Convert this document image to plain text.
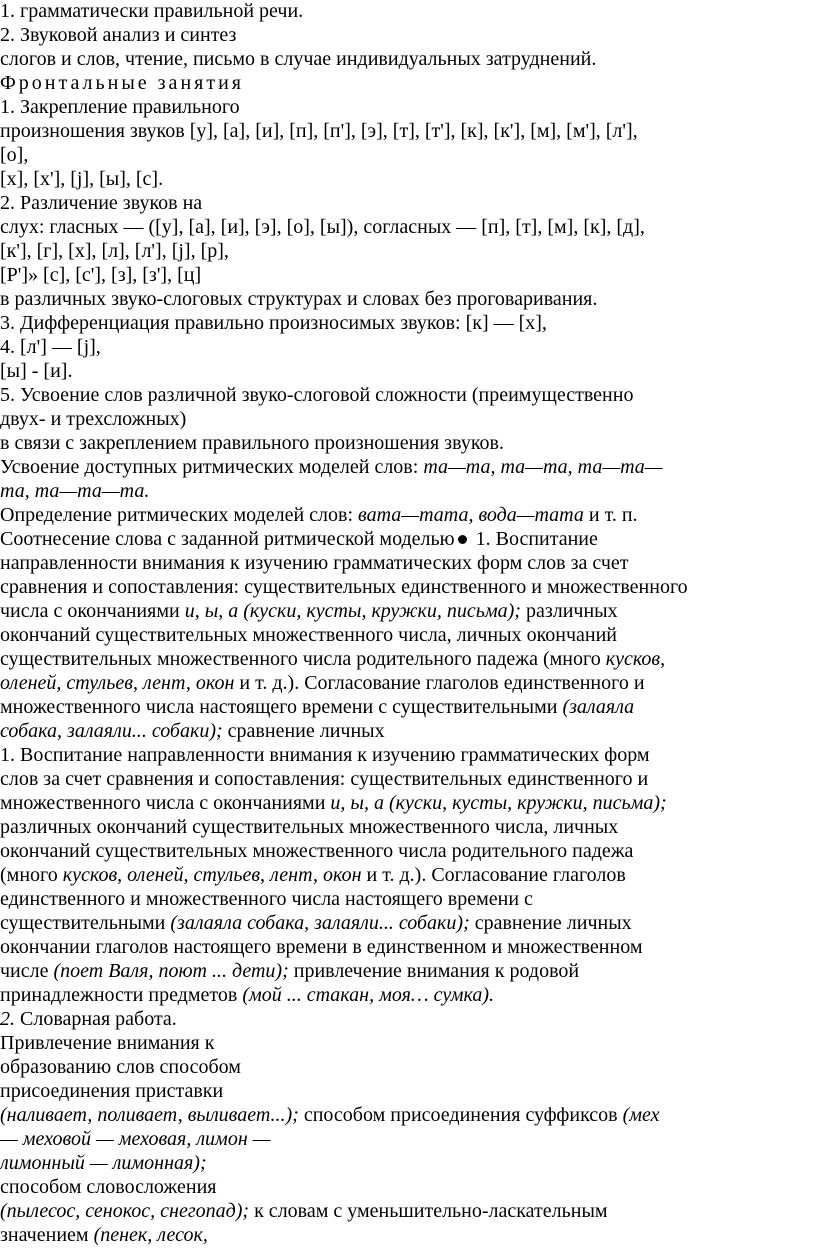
1. грамматически правильной речи.
2. Звуковой анализ и синтез
слогов и слов, чтение, письмо в случае индивидуальных затруднений.
Фронтальные занятия
1. Закрепление правильного
произношения звуков [у], [а], [и], [п], [п'], [э], [т], [т'], [к], [к'], [м], [м'], [л'],
[о],
[х], [х'], [j], [ы], [с].
2. Различение звуков на
слух: гласных — ([у], [а], [и], [э], [о], [ы]), согласных — [п], [т], [м], [к], [д],
[к'], [г], [х], [л], [л'], [j], [р],
[Р']» [с], [с'], [з], [з'], [ц]
в различных звуко-слоговых структурах и словах без проговаривания.
3. Дифференциация правильно произносимых звуков: [к] — [х],
4. [л'] — [j],
[ы] - [и].
5. Усвоение слов различной звуко-слоговой сложности (преимущественно
двух- и трехсложных)
в связи с закреплением правильного произношения звуков.
Усвоение доступных ритмических моделей слов: та—та, та—та, та—та—
та, та—та—та.
Определение ритмических моделей слов: вата—тата, вода—тата и т. п.
Соотнесение слова с заданной ритмической моделью 1. Воспитание
направленности внимания к изучению грамматических форм слов за счет
сравнения и сопоставления: существительных единственного и множественного
числа с окончаниями и, ы, а (куски, кусты, кружки, письма); различных
окончаний существительных множественного числа, личных окончаний
существительных множественного числа родительного падежа (много кусков,
оленей, стульев, лент, окон и т. д.). Согласование глаголов единственного и
множественного числа настоящего времени с существительными (залаяла
собака, залаяли... собаки); сравнение личных
1. Воспитание направленности внимания к изучению грамматических форм
слов за счет сравнения и сопоставления: существительных единственного и
множественного числа с окончаниями и, ы, а (куски, кусты, кружки, письма);
различных окончаний существительных множественного числа, личных
окончаний существительных множественного числа родительного падежа
(много кусков, оленей, стульев, лент, окон и т. д.). Согласование глаголов
единственного и множественного числа настоящего времени с
существительными (залаяла собака, залаяли... собаки); сравнение личных
окончании глаголов настоящего времени в единственном и множественном
числе (поет Валя, поют ... дети); привлечение внимания к родовой
принадлежности предметов (мой ... стакан, моя… сумка).
2. Словарная работа.
Привлечение внимания к
образованию слов способом
присоединения приставки
(наливает, поливает, выливает...); способом присоединения суффиксов (мех
— меховой — меховая, лимон —
лимонный — лимонная);
способом словосложения
(пылесос, сенокос, снегопад); к словам с уменьшительно-ласкательным
значением (пенек, лесок,
